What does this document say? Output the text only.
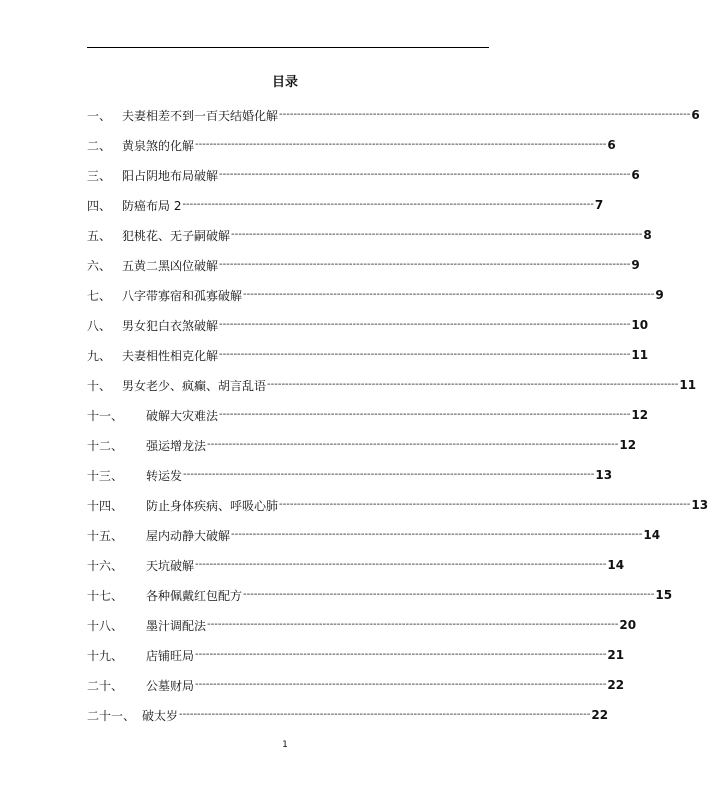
目录
一、 夫妻相差不到一百天结婚化解 ------------------------------------------------------------------------------------------------------------------ 6
二、 黄泉煞的化解 ------------------------------------------------------------------------------------------------------------------ 6
三、 阳占阴地布局破解 ------------------------------------------------------------------------------------------------------------------ 6
四、 防癌布局 2 ------------------------------------------------------------------------------------------------------------------ 7
五、 犯桃花、无子嗣破解 ------------------------------------------------------------------------------------------------------------------ 8
六、 五黄二黑凶位破解 ------------------------------------------------------------------------------------------------------------------ 9
七、 八字带寡宿和孤寡破解 ------------------------------------------------------------------------------------------------------------------ 9
八、 男女犯白衣煞破解 ------------------------------------------------------------------------------------------------------------------ 10
九、 夫妻相性相克化解 ------------------------------------------------------------------------------------------------------------------ 11
十、 男女老少、疯癫、胡言乱语 ------------------------------------------------------------------------------------------------------------------ 11
十一、	破解大灾难法 ------------------------------------------------------------------------------------------------------------------ 12
十二、	强运增龙法 ------------------------------------------------------------------------------------------------------------------ 12
十三、	转运发 ------------------------------------------------------------------------------------------------------------------ 13
十四、	防止身体疾病、呼吸心肺 ------------------------------------------------------------------------------------------------------------------ 13
十五、	屋内动静大破解 ------------------------------------------------------------------------------------------------------------------ 14
十六、	天坑破解 ------------------------------------------------------------------------------------------------------------------ 14
十七、	各种佩戴红包配方 ------------------------------------------------------------------------------------------------------------------ 15
十八、	墨汁调配法 ------------------------------------------------------------------------------------------------------------------ 20
十九、	店铺旺局 ------------------------------------------------------------------------------------------------------------------ 21
二十、	公墓财局 ------------------------------------------------------------------------------------------------------------------ 22
二十一、 破太岁 ------------------------------------------------------------------------------------------------------------------ 22
1
